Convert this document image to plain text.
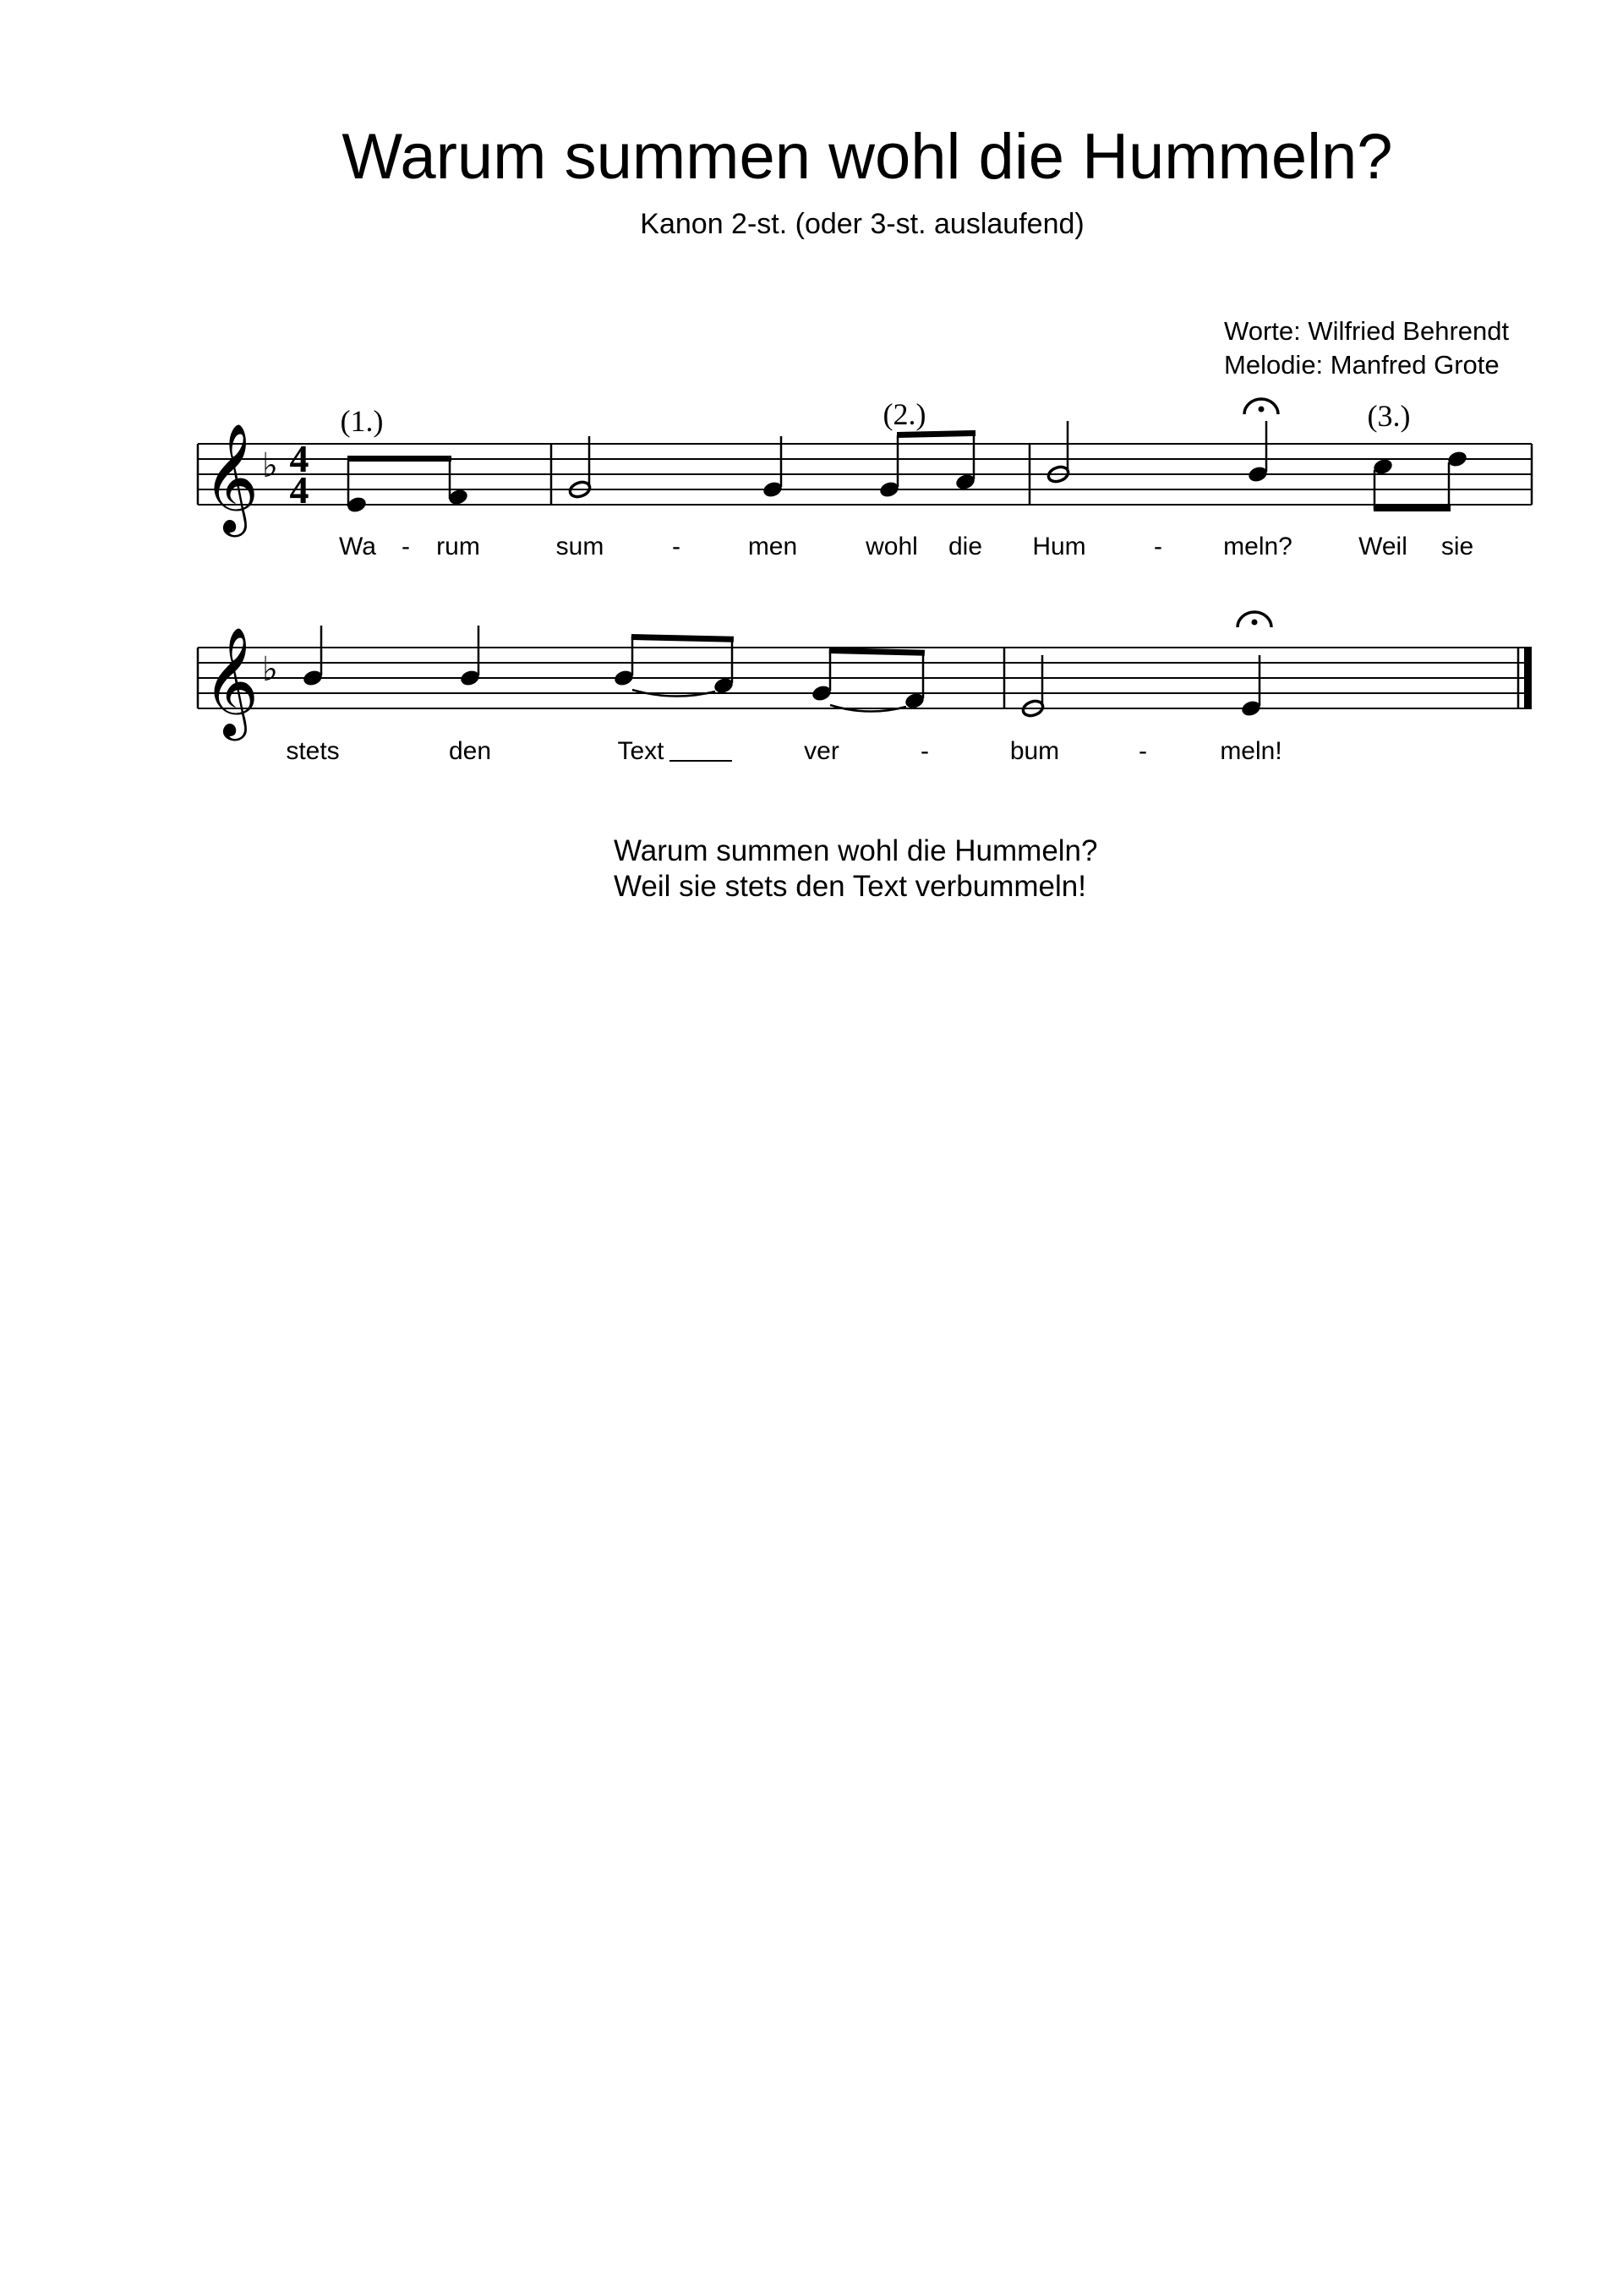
Warum summen wohl die Hummeln?
Kanon 2-st. (oder 3-st. auslaufend)
Worte: Wilfried Behrendt
Melodie: Manfred Grote
𝄞 ♭ 4
4
(1.)	(2.)	(3.)
Wa - rum	sum	-	men	wohl die Hum	- meln?	Weil sie
𝄞 ♭
stets	den	Text	ver	-	bum	-	meln!
Warum summen wohl die Hummeln?
Weil sie stets den Text verbummeln!
